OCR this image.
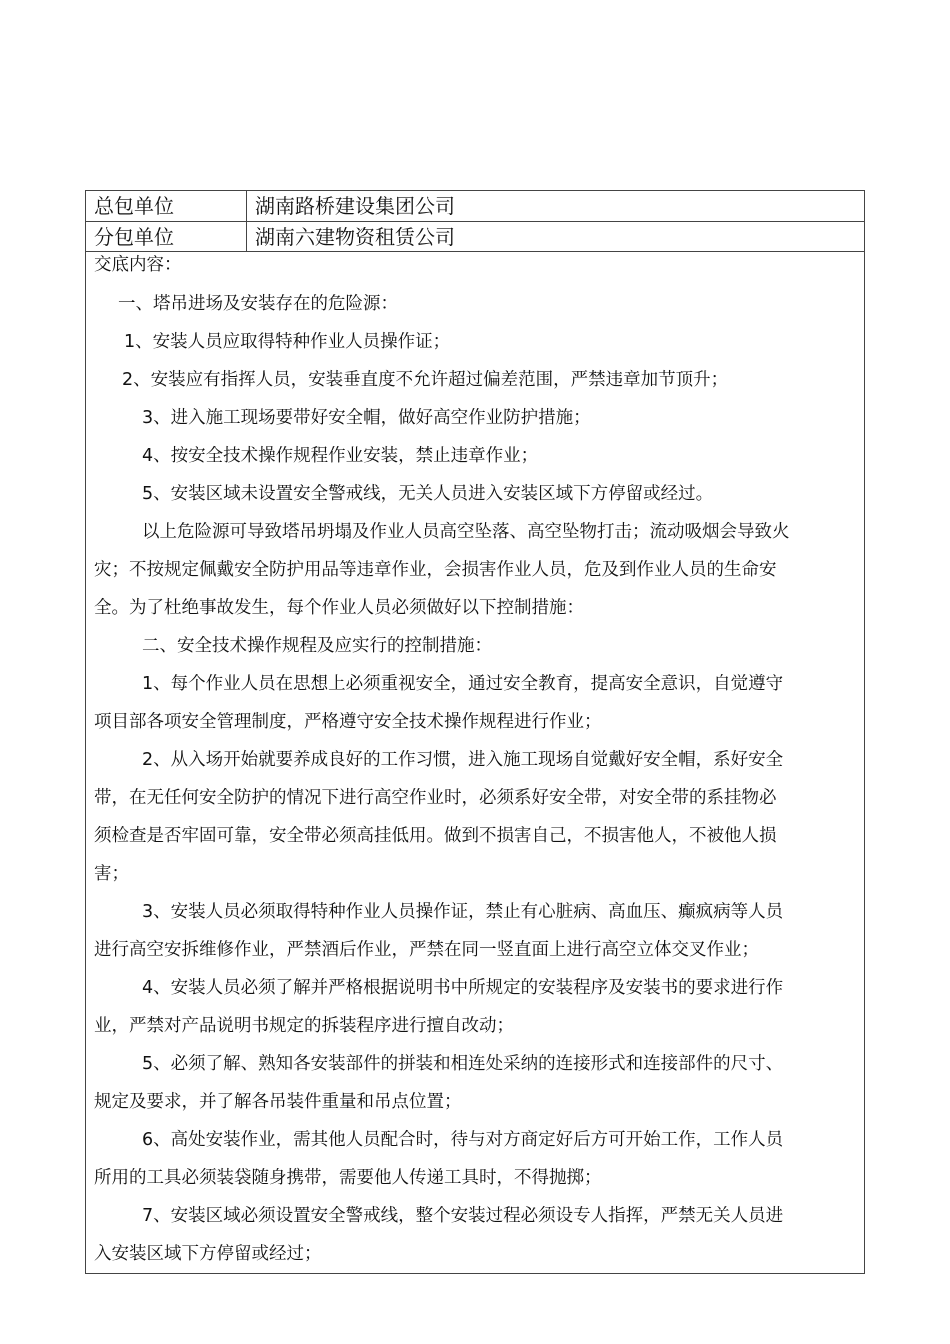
总包单位	湖南路桥建设集团公司
分包单位	湖南六建物资租赁公司
交底内容：
一、塔吊进场及安装存在的危险源：
1、安装人员应取得特种作业人员操作证；
2、安装应有指挥人员，安装垂直度不允许超过偏差范围，严禁违章加节顶升；
3、进入施工现场要带好安全帽，做好高空作业防护措施；
4、按安全技术操作规程作业安装，禁止违章作业；
5、安装区域未设置安全警戒线，无关人员进入安装区域下方停留或经过。
以上危险源可导致塔吊坍塌及作业人员高空坠落、高空坠物打击；流动吸烟会导致火
灾；不按规定佩戴安全防护用品等违章作业，会损害作业人员，危及到作业人员的生命安
全。为了杜绝事故发生，每个作业人员必须做好以下控制措施：
二、安全技术操作规程及应实行的控制措施：
1、每个作业人员在思想上必须重视安全，通过安全教育，提高安全意识，自觉遵守
项目部各项安全管理制度，严格遵守安全技术操作规程进行作业；
2、从入场开始就要养成良好的工作习惯，进入施工现场自觉戴好安全帽，系好安全
带，在无任何安全防护的情况下进行高空作业时，必须系好安全带，对安全带的系挂物必
须检查是否牢固可靠，安全带必须高挂低用。做到不损害自己，不损害他人，不被他人损
害；
3、安装人员必须取得特种作业人员操作证，禁止有心脏病、高血压、癫疯病等人员
进行高空安拆维修作业，严禁酒后作业，严禁在同一竖直面上进行高空立体交叉作业；
4、安装人员必须了解并严格根据说明书中所规定的安装程序及安装书的要求进行作
业，严禁对产品说明书规定的拆装程序进行擅自改动；
5、必须了解、熟知各安装部件的拼装和相连处采纳的连接形式和连接部件的尺寸、
规定及要求，并了解各吊装件重量和吊点位置；
6、高处安装作业，需其他人员配合时，待与对方商定好后方可开始工作，工作人员
所用的工具必须装袋随身携带，需要他人传递工具时，不得抛掷；
7、安装区域必须设置安全警戒线，整个安装过程必须设专人指挥，严禁无关人员进
入安装区域下方停留或经过；
